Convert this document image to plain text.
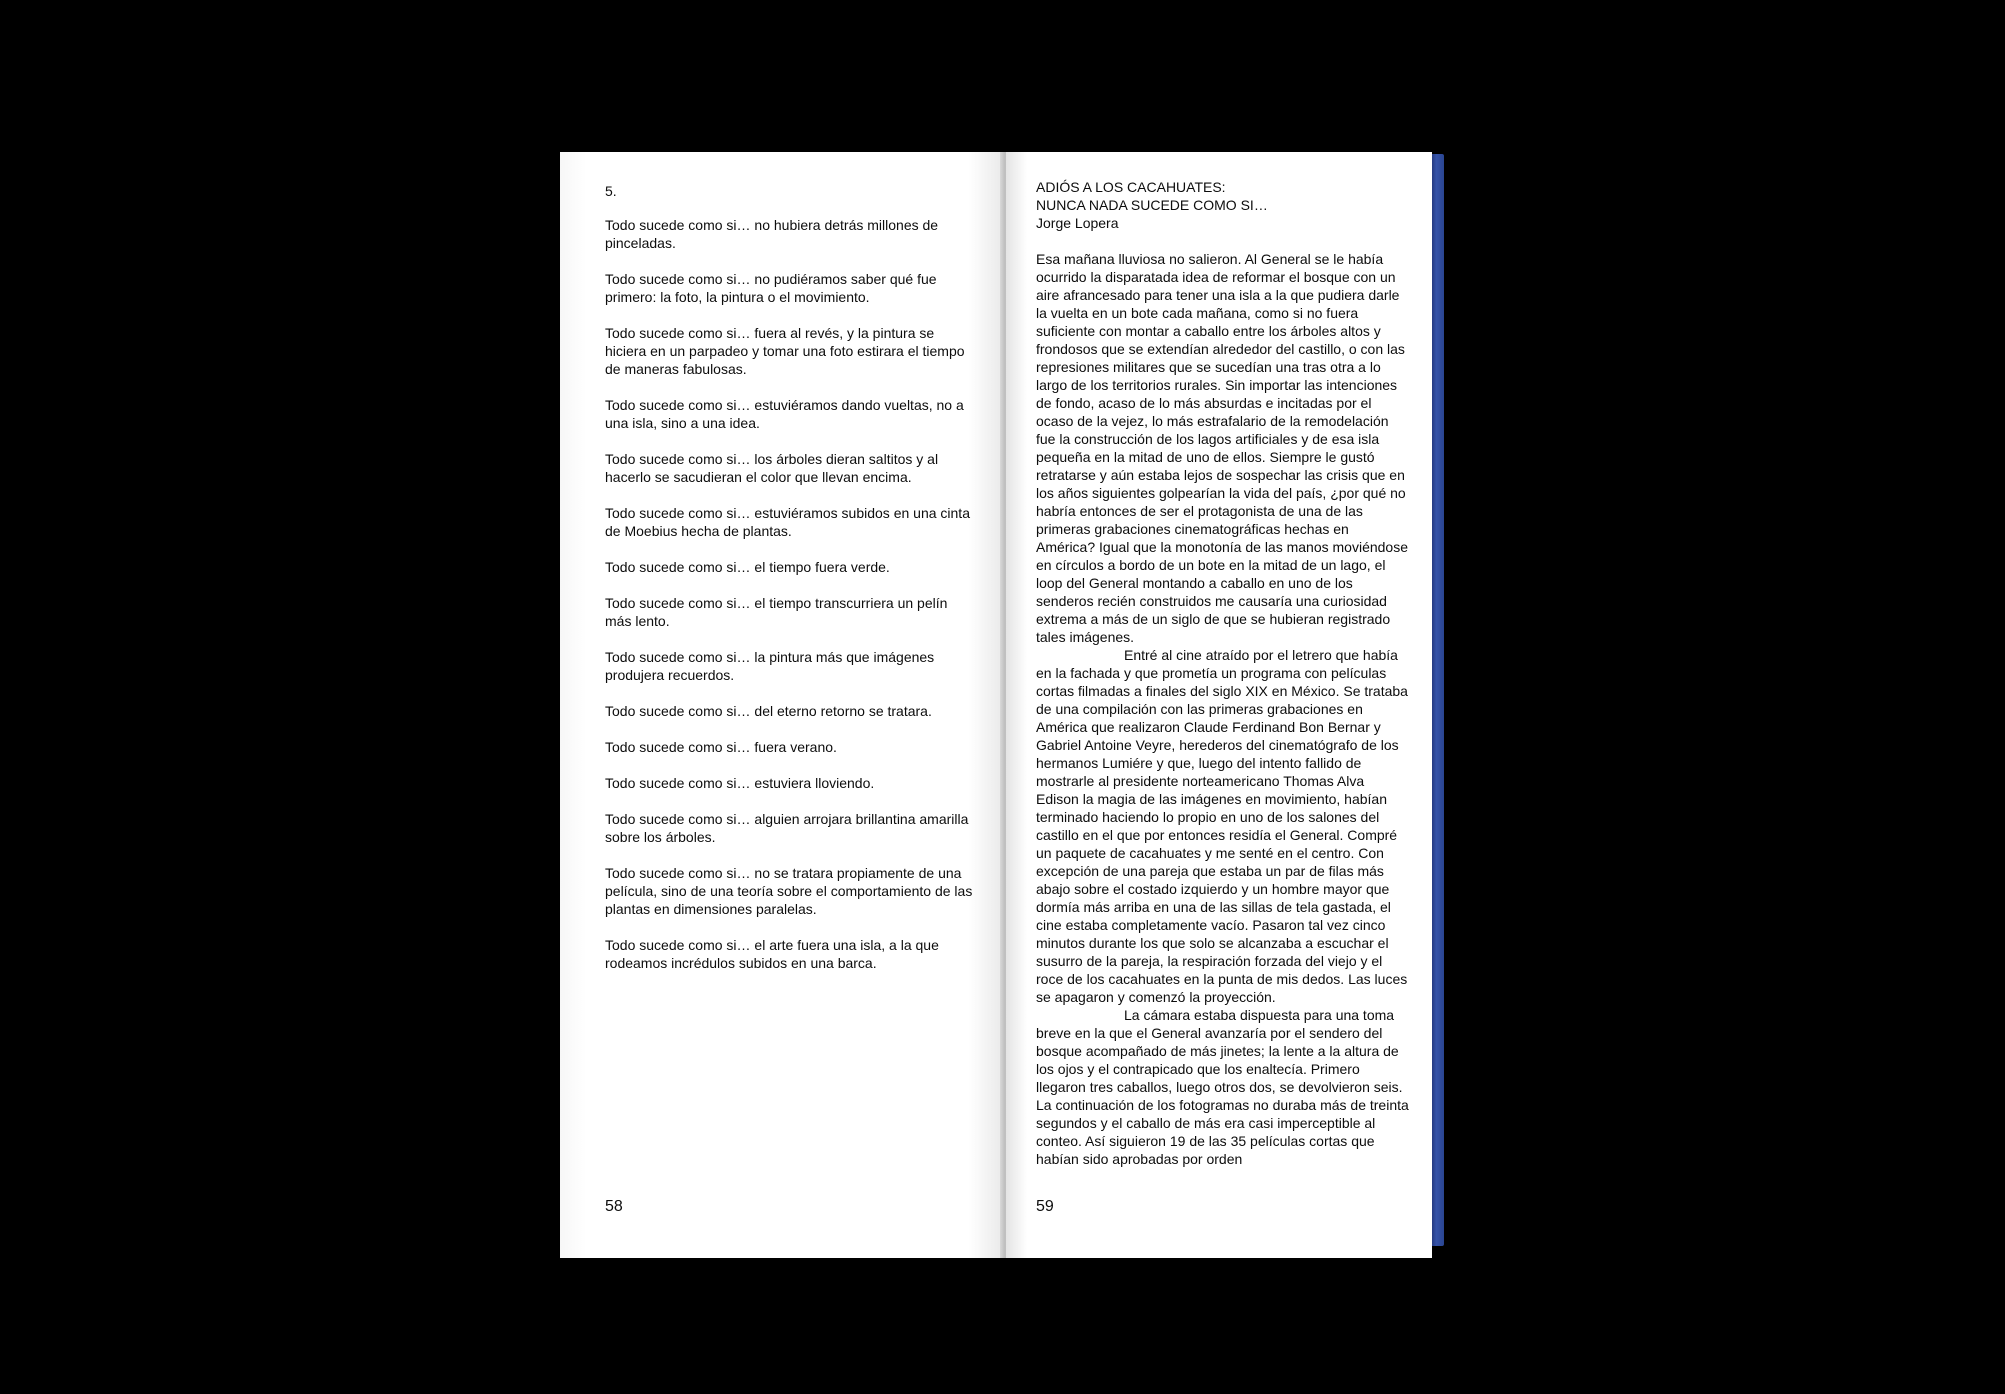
5.

Todo sucede como si… no hubiera detrás millones de pinceladas.

Todo sucede como si… no pudiéramos saber qué fue primero: la foto, la pintura o el movimiento.

Todo sucede como si… fuera al revés, y la pintura se hiciera en un parpadeo y tomar una foto estirara el tiempo de maneras fabulosas.

Todo sucede como si… estuviéramos dando vueltas, no a una isla, sino a una idea.

Todo sucede como si… los árboles dieran saltitos y al hacerlo se sacudieran el color que llevan encima.

Todo sucede como si… estuviéramos subidos en una cinta de Moebius hecha de plantas.

Todo sucede como si… el tiempo fuera verde.

Todo sucede como si… el tiempo transcurriera un pelín más lento.

Todo sucede como si… la pintura más que imágenes produjera recuerdos.

Todo sucede como si… del eterno retorno se tratara.

Todo sucede como si… fuera verano.

Todo sucede como si… estuviera lloviendo.

Todo sucede como si… alguien arrojara brillantina amarilla sobre los árboles.

Todo sucede como si… no se tratara propiamente de una película, sino de una teoría sobre el comportamiento de las plantas en dimensiones paralelas.

Todo sucede como si… el arte fuera una isla, a la que rodeamos incrédulos subidos en una barca.

58
ADIÓS A LOS CACAHUATES:
NUNCA NADA SUCEDE COMO SI…
Jorge Lopera

Esa mañana lluviosa no salieron. Al General se le había ocurrido la disparatada idea de reformar el bosque con un aire afrancesado para tener una isla a la que pudiera darle la vuelta en un bote cada mañana, como si no fuera suficiente con montar a caballo entre los árboles altos y frondosos que se extendían alrededor del castillo, o con las represiones militares que se sucedían una tras otra a lo largo de los territorios rurales. Sin importar las intenciones de fondo, acaso de lo más absurdas e incitadas por el ocaso de la vejez, lo más estrafalario de la remodelación fue la construcción de los lagos artificiales y de esa isla pequeña en la mitad de uno de ellos. Siempre le gustó retratarse y aún estaba lejos de sospechar las crisis que en los años siguientes golpearían la vida del país, ¿por qué no habría entonces de ser el protagonista de una de las primeras grabaciones cinematográficas hechas en América? Igual que la monotonía de las manos moviéndose en círculos a bordo de un bote en la mitad de un lago, el loop del General montando a caballo en uno de los senderos recién construidos me causaría una curiosidad extrema a más de un siglo de que se hubieran registrado tales imágenes.

Entré al cine atraído por el letrero que había en la fachada y que prometía un programa con películas cortas filmadas a finales del siglo XIX en México. Se trataba de una compilación con las primeras grabaciones en América que realizaron Claude Ferdinand Bon Bernar y Gabriel Antoine Veyre, herederos del cinematógrafo de los hermanos Lumiére y que, luego del intento fallido de mostrarle al presidente norteamericano Thomas Alva Edison la magia de las imágenes en movimiento, habían terminado haciendo lo propio en uno de los salones del castillo en el que por entonces residía el General. Compré un paquete de cacahuates y me senté en el centro. Con excepción de una pareja que estaba un par de filas más abajo sobre el costado izquierdo y un hombre mayor que dormía más arriba en una de las sillas de tela gastada, el cine estaba completamente vacío. Pasaron tal vez cinco minutos durante los que solo se alcanzaba a escuchar el susurro de la pareja, la respiración forzada del viejo y el roce de los cacahuates en la punta de mis dedos. Las luces se apagaron y comenzó la proyección.

La cámara estaba dispuesta para una toma breve en la que el General avanzaría por el sendero del bosque acompañado de más jinetes; la lente a la altura de los ojos y el contrapicado que los enaltecía. Primero llegaron tres caballos, luego otros dos, se devolvieron seis. La continuación de los fotogramas no duraba más de treinta segundos y el caballo de más era casi imperceptible al conteo. Así siguieron 19 de las 35 películas cortas que habían sido aprobadas por orden

59
